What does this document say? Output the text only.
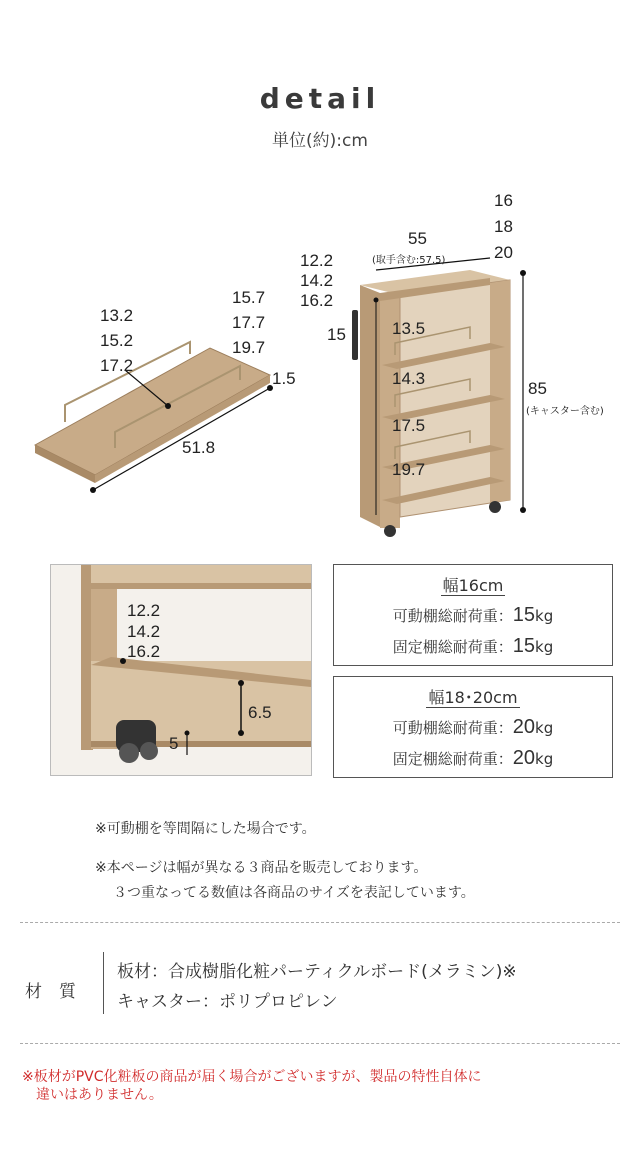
detail
単位(約):cm
13.2
15.2
17.2
15.7
17.7
19.7
1.5
51.8
16
18
20
55
(取手含む:57.5)
12.2
14.2
16.2
15	13.5
14.3
17.5
19.7
85
(キャスター含む)
12.2
14.2
16.2
6.5
5
幅16cm
可動棚総耐荷重：15kg
固定棚総耐荷重：15kg
幅18･20cm
可動棚総耐荷重：20kg
固定棚総耐荷重：20kg
※可動棚を等間隔にした場合です。
※本ページは幅が異なる３商品を販売しております。
３つ重なってる数値は各商品のサイズを表記しています。
材　質
板材：合成樹脂化粧パーティクルボード(メラミン)※
キャスター：ポリプロピレン
※板材がPVC化粧板の商品が届く場合がございますが、製品の特性自体に
違いはありません。
